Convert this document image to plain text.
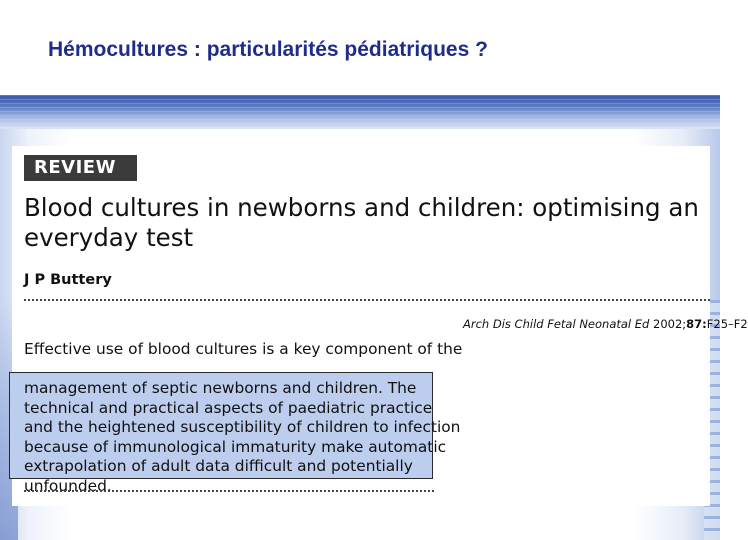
Hémocultures : particularités pédiatriques ?
REVIEW
Blood cultures in newborns and children: optimising an everyday test
J P Buttery
Arch Dis Child Fetal Neonatal Ed 2002;87:F25–F2
Effective use of blood cultures is a key component of the
management of septic newborns and children. The
technical and practical aspects of paediatric practice
and the heightened susceptibility of children to infection
because of immunological immaturity make automatic
extrapolation of adult data difficult and potentially
unfounded.
